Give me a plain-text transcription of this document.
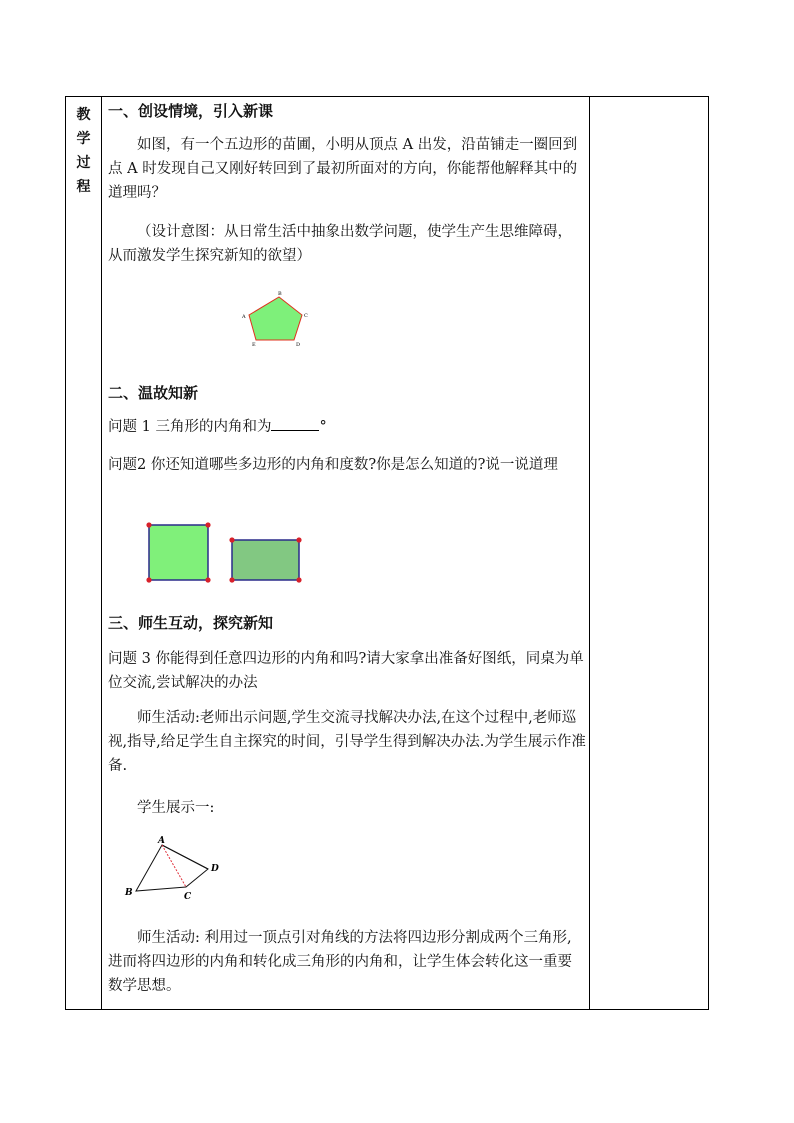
教
学
过
程
一、创设情境，引入新课
如图，有一个五边形的苗圃，小明从顶点 A 出发，沿苗铺走一圈回到点 A 时发现自己又刚好转回到了最初所面对的方向，你能帮他解释其中的道理吗？
（设计意图：从日常生活中抽象出数学问题，使学生产生思维障碍，从而激发学生探究新知的欲望）
A
B
C
D
E
二、温故知新
问题 1 三角形的内角和为	°
问题2 你还知道哪些多边形的内角和度数?你是怎么知道的?说一说道理
三、师生互动，探究新知
问题 3 你能得到任意四边形的内角和吗?请大家拿出准备好图纸，同桌为单位交流,尝试解决的办法
师生活动:老师出示问题,学生交流寻找解决办法,在这个过程中,老师巡视,指导,给足学生自主探究的时间，引导学生得到解决办法.为学生展示作准备.
学生展示一:
A
B	C
D
师生活动: 利用过一顶点引对角线的方法将四边形分割成两个三角形, 进而将四边形的内角和转化成三角形的内角和，让学生体会转化这一重要数学思想。
